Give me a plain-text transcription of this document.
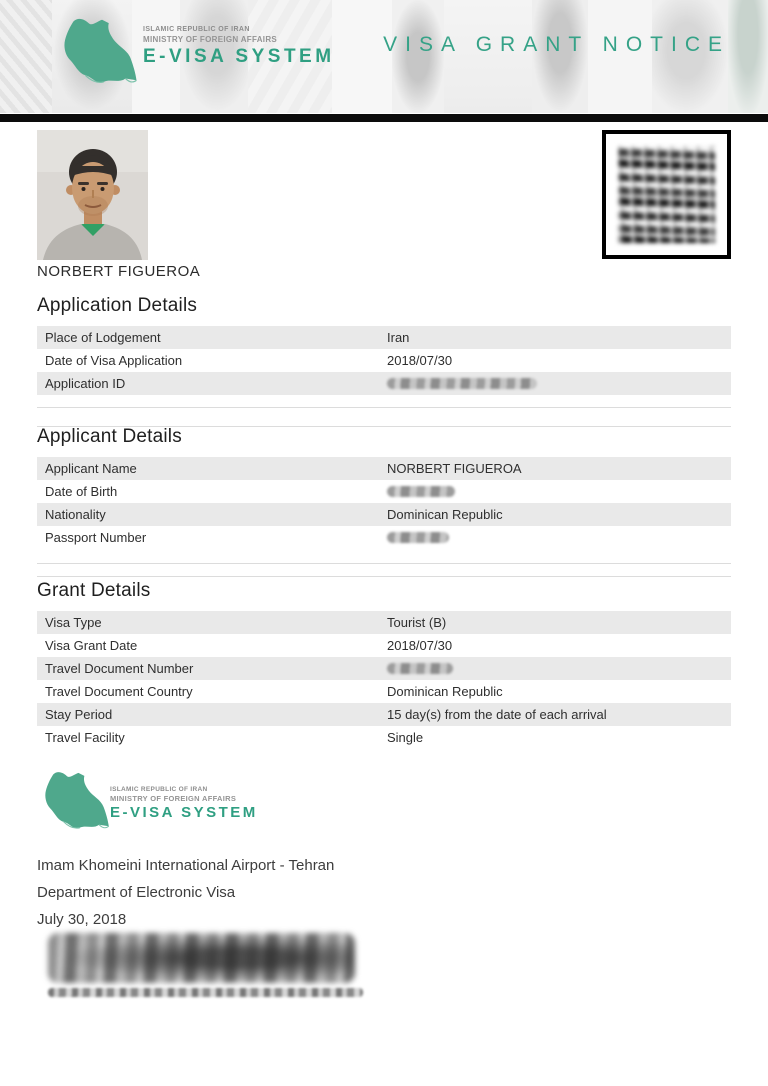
ISLAMIC REPUBLIC OF IRAN
MINISTRY OF FOREIGN AFFAIRS
E-VISA SYSTEM
VISA GRANT NOTICE
NORBERT FIGUEROA
Application Details
Place of Lodgement	Iran
Date of Visa Application	2018/07/30
Application ID
Applicant Details
Applicant Name	NORBERT FIGUEROA
Date of Birth
Nationality	Dominican Republic
Passport Number
Grant Details
Visa Type	Tourist (B)
Visa Grant Date	2018/07/30
Travel Document Number
Travel Document Country	Dominican Republic
Stay Period	15 day(s) from the date of each arrival
Travel Facility	Single
ISLAMIC REPUBLIC OF IRAN
MINISTRY OF FOREIGN AFFAIRS
E-VISA SYSTEM
Imam Khomeini International Airport - Tehran
Department of Electronic Visa
July 30, 2018
